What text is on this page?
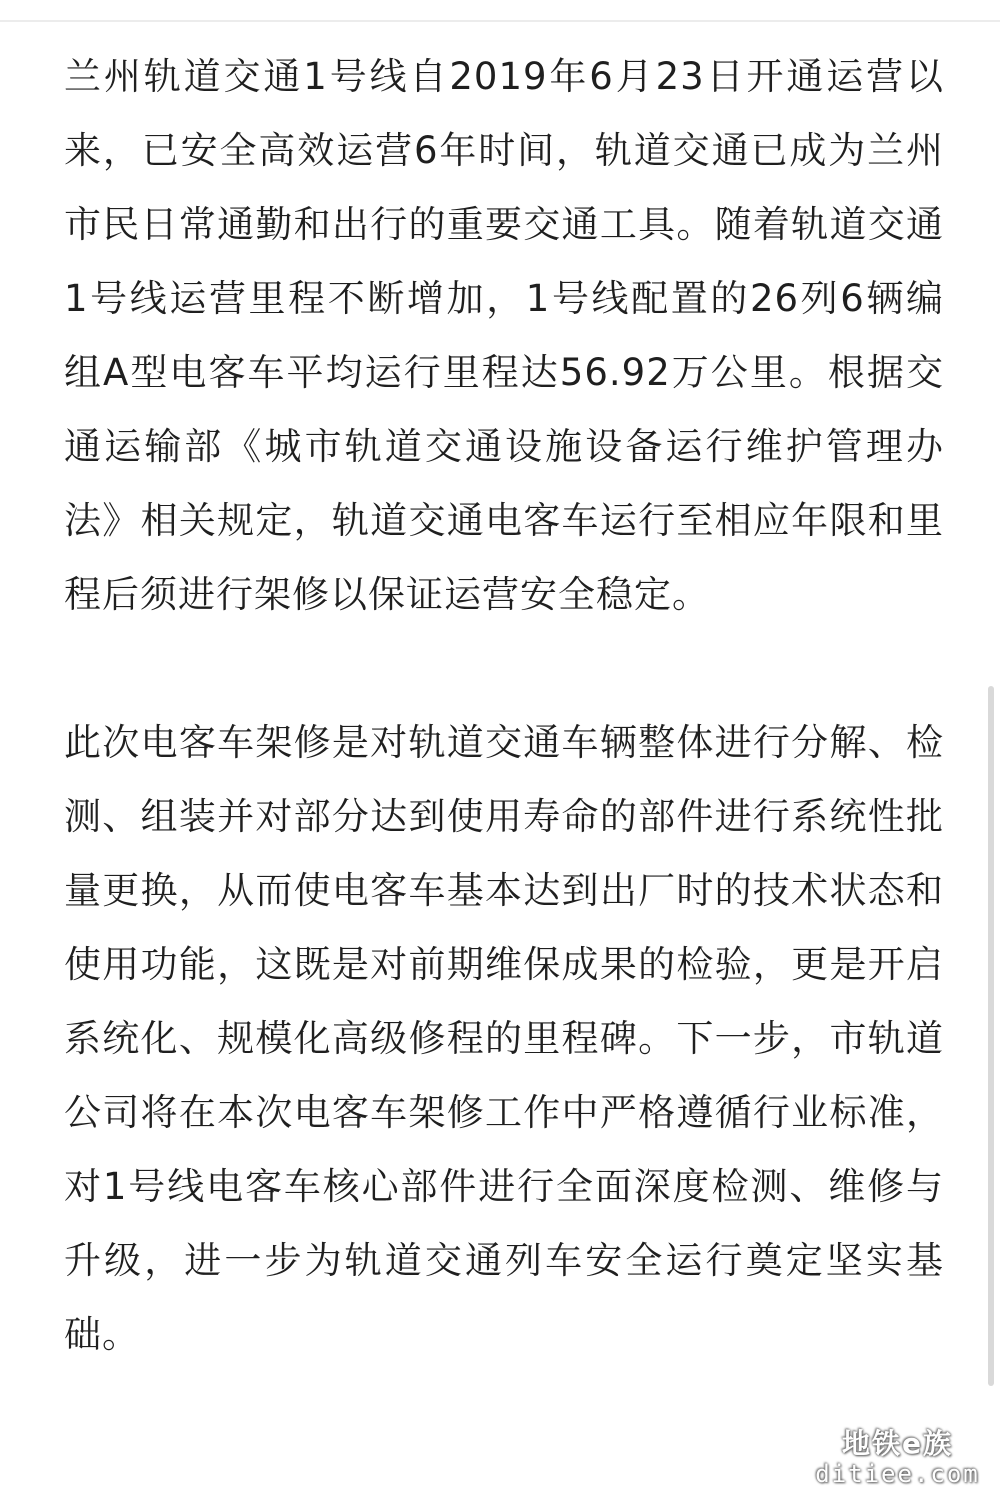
兰州轨道交通1号线自2019年6月23日开通运营以来，已安全高效运营6年时间，轨道交通已成为兰州市民日常通勤和出行的重要交通工具。随着轨道交通1号线运营里程不断增加，1号线配置的26列6辆编组A型电客车平均运行里程达56.92万公里。根据交通运输部《城市轨道交通设施设备运行维护管理办法》相关规定，轨道交通电客车运行至相应年限和里程后须进行架修以保证运营安全稳定。

此次电客车架修是对轨道交通车辆整体进行分解、检测、组装并对部分达到使用寿命的部件进行系统性批量更换，从而使电客车基本达到出厂时的技术状态和使用功能，这既是对前期维保成果的检验，更是开启系统化、规模化高级修程的里程碑。下一步，市轨道公司将在本次电客车架修工作中严格遵循行业标准，对1号线电客车核心部件进行全面深度检测、维修与升级，进一步为轨道交通列车安全运行奠定坚实基础。

地铁e族
ditiee.com
